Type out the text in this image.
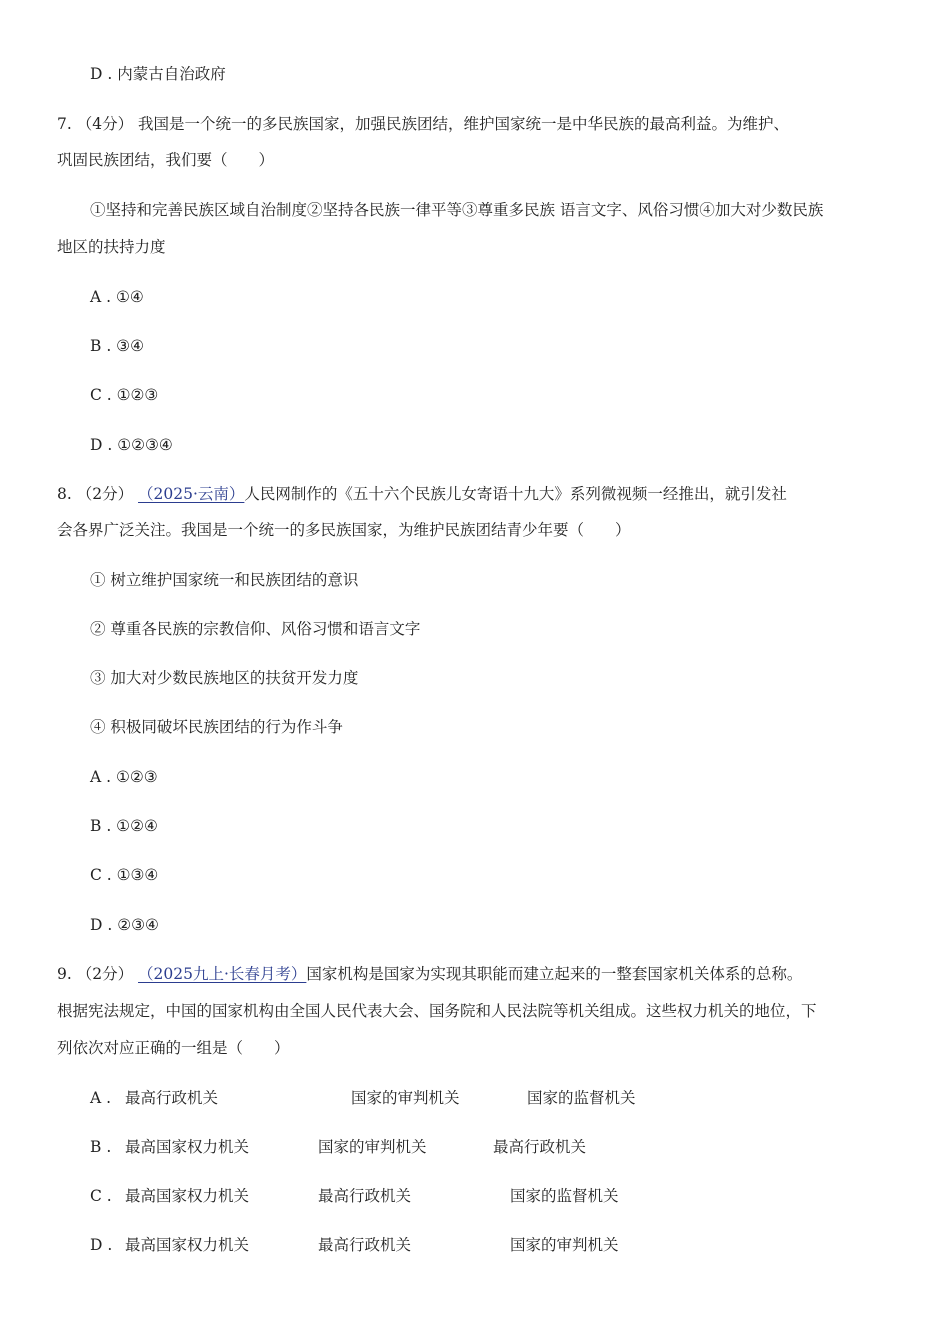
D . 内蒙古自治政府
7. （4分） 我国是一个统一的多民族国家，加强民族团结，维护国家统一是中华民族的最高利益。为维护、
巩固民族团结，我们要（　　）
①坚持和完善民族区域自治制度②坚持各民族一律平等③尊重多民族 语言文字、风俗习惯④加大对少数民族
地区的扶持力度
A . ①④
B . ③④
C . ①②③
D . ①②③④
8. （2分） （2025·云南）人民网制作的《五十六个民族儿女寄语十九大》系列微视频一经推出，就引发社
会各界广泛关注。我国是一个统一的多民族国家，为维护民族团结青少年要（　　）
① 树立维护国家统一和民族团结的意识
② 尊重各民族的宗教信仰、风俗习惯和语言文字
③ 加大对少数民族地区的扶贫开发力度
④ 积极同破坏民族团结的行为作斗争
A . ①②③
B . ①②④
C . ①③④
D . ②③④
9. （2分） （2025九上·长春月考）国家机构是国家为实现其职能而建立起来的一整套国家机关体系的总称。
根据宪法规定，中国的国家机构由全国人民代表大会、国务院和人民法院等机关组成。这些权力机关的地位，下
列依次对应正确的一组是（　　）
A . 最高行政机关	国家的审判机关	国家的监督机关
B . 最高国家权力机关	国家的审判机关	最高行政机关
C . 最高国家权力机关	最高行政机关	国家的监督机关
D . 最高国家权力机关	最高行政机关	国家的审判机关
